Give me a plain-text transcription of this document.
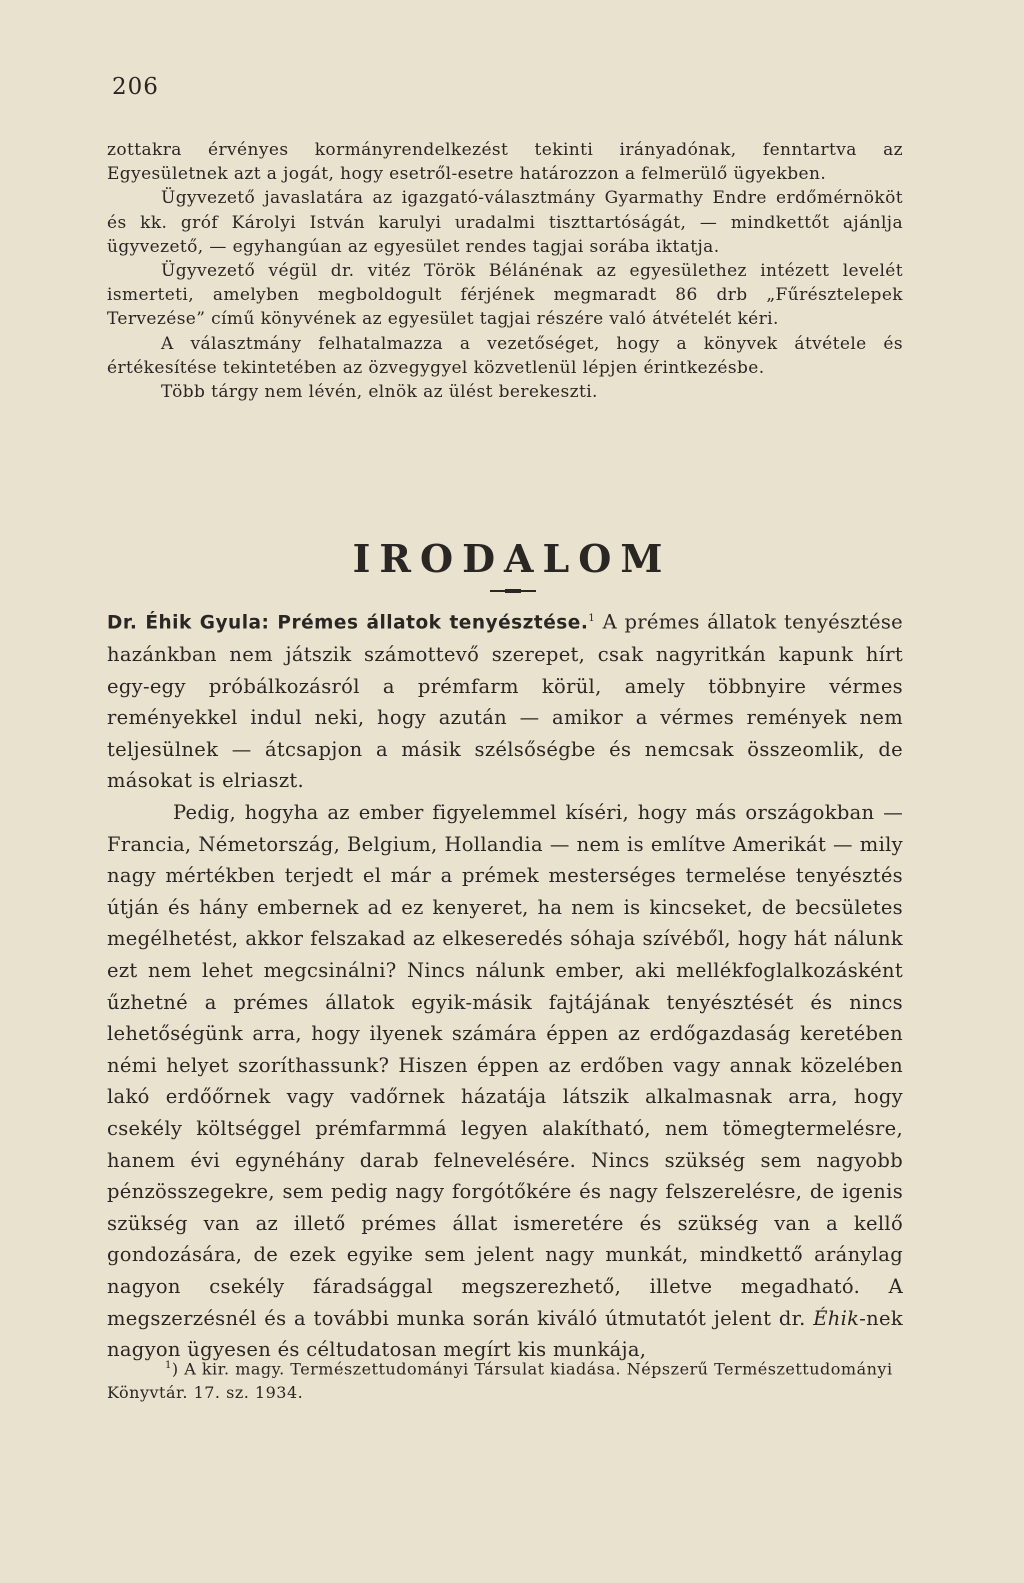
206

zottakra érvényes kormányrendelkezést tekinti irányadónak, fenntartva az Egyesületnek azt a jogát, hogy esetről-esetre határozzon a felmerülő ügyekben.

Ügyvezető javaslatára az igazgató-választmány Gyarmathy Endre erdőmérnököt és kk. gróf Károlyi István karulyi uradalmi tiszttartóságát, — mindkettőt ajánlja ügyvezető, — egyhangúan az egyesület rendes tagjai sorába iktatja.

Ügyvezető végül dr. vitéz Török Bélánénak az egyesülethez intézett levelét ismerteti, amelyben megboldogult férjének megmaradt 86 drb „Fűrésztelepek Tervezése” című könyvének az egyesület tagjai részére való átvételét kéri.

A választmány felhatalmazza a vezetőséget, hogy a könyvek átvétele és értékesítése tekintetében az özvegygyel közvetlenül lépjen érintkezésbe.

Több tárgy nem lévén, elnök az ülést berekeszti.

IRODALOM

Dr. Éhik Gyula: Prémes állatok tenyésztése.$^1$ A prémes állatok tenyésztése hazánkban nem játszik számottevő szerepet, csak nagyritkán kapunk hírt egy-egy próbálkozásról a prémfarm körül, amely többnyire vérmes reményekkel indul neki, hogy azután — amikor a vérmes remények nem teljesülnek — átcsapjon a másik szélsőségbe és nemcsak összeomlik, de másokat is elriaszt.

Pedig, hogyha az ember figyelemmel kíséri, hogy más országokban — Francia, Németország, Belgium, Hollandia — nem is említve Amerikát — mily nagy mértékben terjedt el már a prémek mesterséges termelése tenyésztés útján és hány embernek ad ez kenyeret, ha nem is kincseket, de becsületes megélhetést, akkor felszakad az elkeseredés sóhaja szívéből, hogy hát nálunk ezt nem lehet megcsinálni? Nincs nálunk ember, aki mellékfoglalkozásként űzhetné a prémes állatok egyik-másik fajtájának tenyésztését és nincs lehetőségünk arra, hogy ilyenek számára éppen az erdőgazdaság keretében némi helyet szoríthassunk? Hiszen éppen az erdőben vagy annak közelében lakó erdőőrnek vagy vadőrnek házatája látszik alkalmasnak arra, hogy csekély költséggel prémfarmmá legyen alakítható, nem tömegtermelésre, hanem évi egynéhány darab felnevelésére. Nincs szükség sem nagyobb pénzösszegekre, sem pedig nagy forgótőkére és nagy felszerelésre, de igenis szükség van az illető prémes állat ismeretére és szükség van a kellő gondozására, de ezek egyike sem jelent nagy munkát, mindkettő aránylag nagyon csekély fáradsággal megszerezhető, illetve megadható. A megszerzésnél és a további munka során kiváló útmutatót jelent dr. Éhik-nek nagyon ügyesen és céltudatosan megírt kis munkája,

$^1$) A kir. magy. Természettudományi Társulat kiadása. Népszerű Természettudományi Könyvtár. 17. sz. 1934.
